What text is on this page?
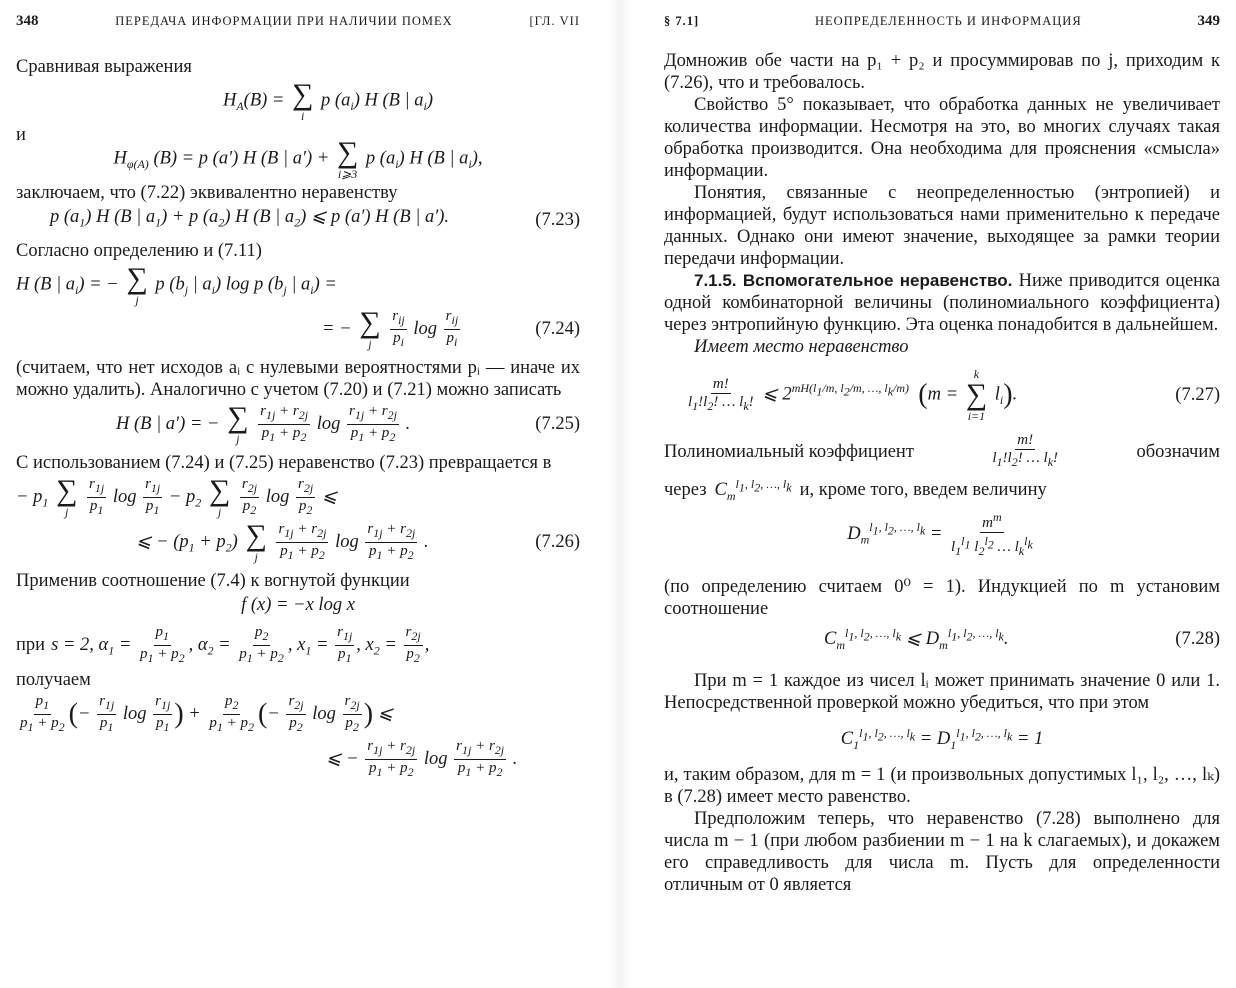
348	ПЕРЕДАЧА ИНФОРМАЦИИ ПРИ НАЛИЧИИ ПОМЕХ	[ГЛ. VII

Сравнивая выражения

$H_A(B)$ = ∑
i
p $(a_i)$ H (B | $a_i$)

и

$H_{\varphi(A)}$ (B) = p (a′) H (B | a′) + ∑
i⩾3
p $(a_i)$ H (B | $a_i$),

заключаем, что (7.22) эквивалентно неравенству

p $(a_1)$ H (B | $a_1) + p$ $(a_2)$ H (B | $a_2$) ⩽ p (a′) H (B | a′).	(7.23)

Согласно определению и (7.11)

H (B | $a_i$) = − ∑
j
p ($b_j$ | $a_i$) log p ($b_j$ | $a_i$) =
= − ∑
j
$\frac{r_{ij}}{p_i}$ $\log \frac{r_{ij}}{p_i}$	(7.24)

(считаем, что нет исходов aᵢ с нулевыми вероятностями pᵢ — иначе их можно удалить). Аналогично с учетом (7.20) и (7.21) можно записать

H (B | a′) = − ∑
j
$\frac{r_{1j} + r_{2j}}{p_1 + p_2}$ $\log \frac{r_{1j} + r_{2j}}{p_1 + p_2}$ .	(7.25)

С использованием (7.24) и (7.25) неравенство (7.23) превращается в

− $p_1$ ∑
j
$\frac{r_{1j}}{p_1}$ $\log \frac{r_{1j}}{p_1} - p_2$ ∑
j
$\frac{r_{2j}}{p_2}$ $\log \frac{r_{2j}}{p_2}$ ⩽
⩽ − $(p_1 + p_2)$ ∑
j
$\frac{r_{1j} + r_{2j}}{p_1 + p_2}$ $\log \frac{r_{1j} + r_{2j}}{p_1 + p_2}$ .	(7.26)

Применив соотношение (7.4) к вогнутой функции

f (x) = −x log x
при s = 2, $\alpha_1 = \frac{p_1}{p_1 + p_2}$ , $\alpha_2 = \frac{p_2}{p_1 + p_2}$ , $x_1 = \frac{r_{1j}}{p_1}$ , $x_2 = \frac{r_{2j}}{p_2}$ ,

получаем

$\frac{p_1}{p_1 + p_2}$ (− $\frac{r_{1j}}{p_1}$ $\log \frac{r_{1j}}{p_1}$ ) + $\frac{p_2}{p_1 + p_2}$ (− $\frac{r_{2j}}{p_2}$ $\log \frac{r_{2j}}{p_2}$ ) ⩽
⩽ − $\frac{r_{1j} + r_{2j}}{p_1 + p_2}$ $\log \frac{r_{1j} + r_{2j}}{p_1 + p_2}$ .
§ 7.1]	НЕОПРЕДЕЛЕННОСТЬ И ИНФОРМАЦИЯ	349

Домножив обе части на p₁ + p₂ и просуммировав по j, приходим к (7.26), что и требовалось.

Свойство 5° показывает, что обработка данных не увеличивает количества информации. Несмотря на это, во многих случаях такая обработка производится. Она необходима для прояснения «смысла» информации.

Понятия, связанные с неопределенностью (энтропией) и информацией, будут использоваться нами применительно к передаче данных. Однако они имеют значение, выходящее за рамки теории передачи информации.

7.1.5. Вспомогательное неравенство. Ниже приводится оценка одной комбинаторной величины (полиномиального коэффициента) через энтропийную функцию. Эта оценка понадобится в дальнейшем.

Имеет место неравенство

$\frac{m!}{l_1!l_2! \dots l_k!}$ ⩽ $2^{mH(l_1/m, l_2/m, \dots, l_k/m)}$ (m =
k
∑
i=1
$l_i$).	(7.27)
Полиномиальный коэффициент	$\frac{m!}{l_1!l_2! \dots l_k!}$	обозначим
через $C_m^{l_1, l_2, \dots, l_k}$ и, кроме того, введем величину
$D_m^{l_1, l_2, \dots, l_k} = \frac{m^m}{l_1^{l_1} l_2^{l_2} \dots l_k^{l_k}}$

(по определению считаем 0⁰ = 1). Индукцией по m установим соотношение

$C_m^{l_1, l_2, \dots, l_k}$ ⩽ $D_m^{l_1, l_2, \dots, l_k}$.	(7.28)

При m = 1 каждое из чисел lᵢ может принимать значение 0 или 1. Непосредственной проверкой можно убедиться, что при этом

$C_1^{l_1, l_2, \dots, l_k} = D_1^{l_1, l_2, \dots, l_k} = 1$

и, таким образом, для m = 1 (и произвольных допустимых l₁, l₂, …, lₖ) в (7.28) имеет место равенство.

Предположим теперь, что неравенство (7.28) выполнено для числа m − 1 (при любом разбиении m − 1 на k слагаемых), и докажем его справедливость для числа m. Пусть для определенности отличным от 0 является
